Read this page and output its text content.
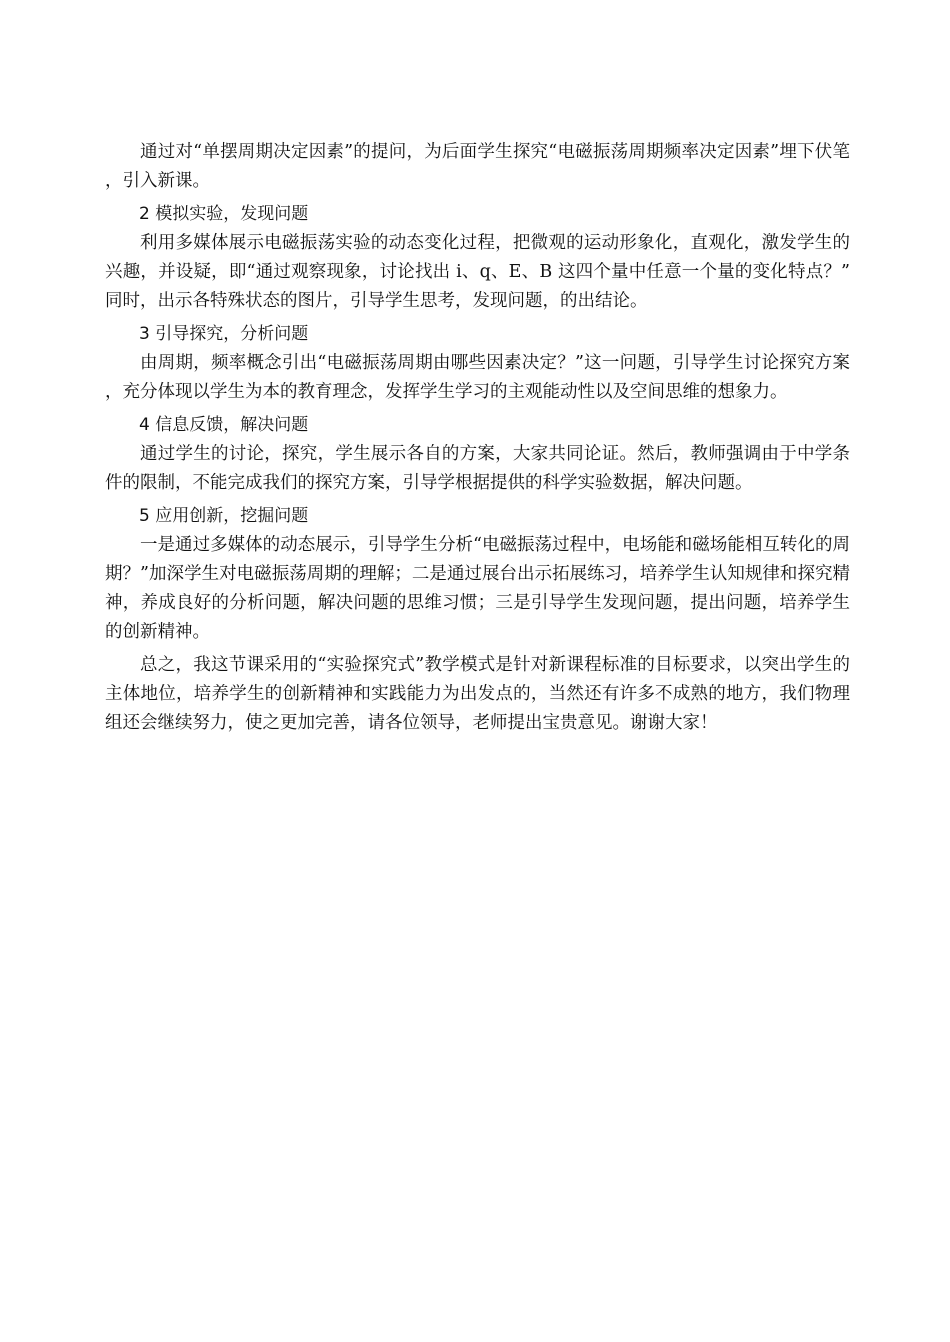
通过对“单摆周期决定因素”的提问，为后面学生探究“电磁振荡周期频率决定因素”埋下伏笔，引入新课。

2 模拟实验，发现问题

利用多媒体展示电磁振荡实验的动态变化过程，把微观的运动形象化，直观化，激发学生的兴趣，并设疑，即“通过观察现象，讨论找出 i、q、E、B 这四个量中任意一个量的变化特点？”同时，出示各特殊状态的图片，引导学生思考，发现问题，的出结论。

3 引导探究，分析问题

由周期，频率概念引出“电磁振荡周期由哪些因素决定？”这一问题，引导学生讨论探究方案，充分体现以学生为本的教育理念，发挥学生学习的主观能动性以及空间思维的想象力。

4 信息反馈，解决问题

通过学生的讨论，探究，学生展示各自的方案，大家共同论证。然后，教师强调由于中学条件的限制，不能完成我们的探究方案，引导学根据提供的科学实验数据，解决问题。

5 应用创新，挖掘问题

一是通过多媒体的动态展示，引导学生分析“电磁振荡过程中，电场能和磁场能相互转化的周期？”加深学生对电磁振荡周期的理解；二是通过展台出示拓展练习，培养学生认知规律和探究精神，养成良好的分析问题，解决问题的思维习惯；三是引导学生发现问题，提出问题，培养学生的创新精神。

总之，我这节课采用的“实验探究式”教学模式是针对新课程标准的目标要求，以突出学生的主体地位，培养学生的创新精神和实践能力为出发点的，当然还有许多不成熟的地方，我们物理组还会继续努力，使之更加完善，请各位领导，老师提出宝贵意见。谢谢大家！
